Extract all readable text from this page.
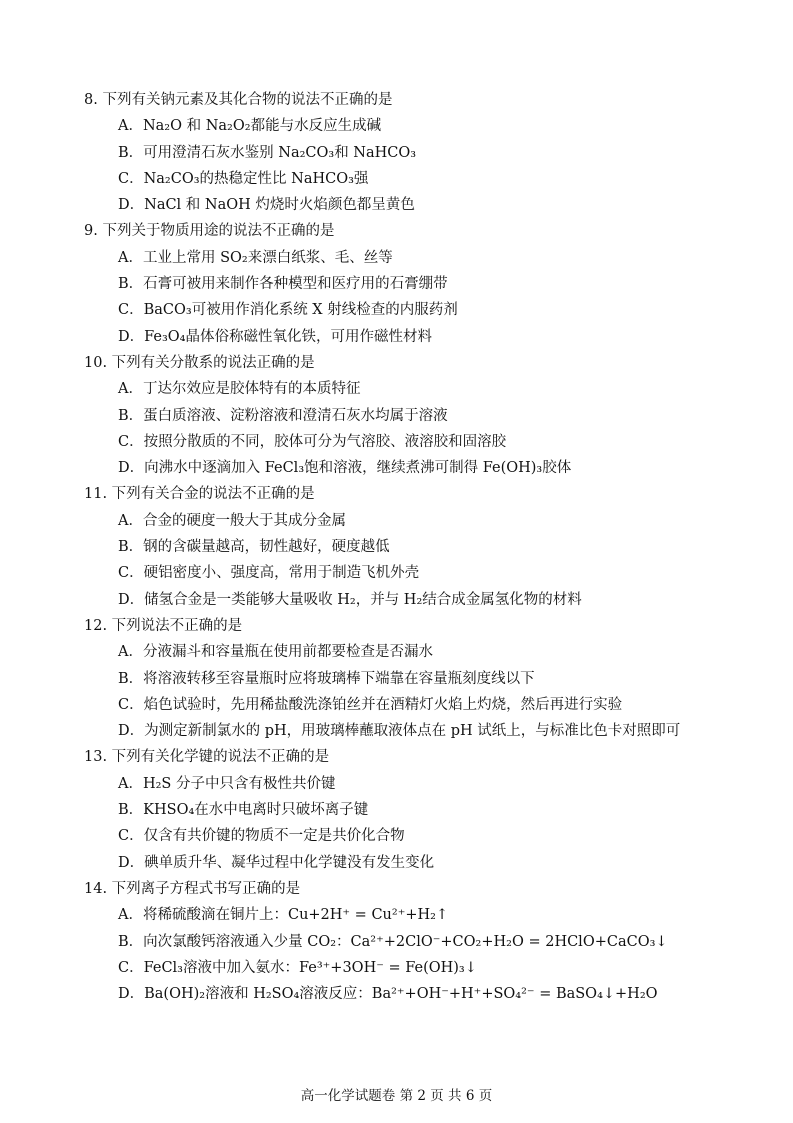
8. 下列有关钠元素及其化合物的说法不正确的是
A．Na₂O 和 Na₂O₂都能与水反应生成碱
B．可用澄清石灰水鉴别 Na₂CO₃和 NaHCO₃
C．Na₂CO₃的热稳定性比 NaHCO₃强
D．NaCl 和 NaOH 灼烧时火焰颜色都呈黄色
9. 下列关于物质用途的说法不正确的是
A．工业上常用 SO₂来漂白纸浆、毛、丝等
B．石膏可被用来制作各种模型和医疗用的石膏绷带
C．BaCO₃可被用作消化系统 X 射线检查的内服药剂
D．Fe₃O₄晶体俗称磁性氧化铁，可用作磁性材料
10. 下列有关分散系的说法正确的是
A．丁达尔效应是胶体特有的本质特征
B．蛋白质溶液、淀粉溶液和澄清石灰水均属于溶液
C．按照分散质的不同，胶体可分为气溶胶、液溶胶和固溶胶
D．向沸水中逐滴加入 FeCl₃饱和溶液，继续煮沸可制得 Fe(OH)₃胶体
11. 下列有关合金的说法不正确的是
A．合金的硬度一般大于其成分金属
B．钢的含碳量越高，韧性越好，硬度越低
C．硬铝密度小、强度高，常用于制造飞机外壳
D．储氢合金是一类能够大量吸收 H₂，并与 H₂结合成金属氢化物的材料
12. 下列说法不正确的是
A．分液漏斗和容量瓶在使用前都要检查是否漏水
B．将溶液转移至容量瓶时应将玻璃棒下端靠在容量瓶刻度线以下
C．焰色试验时，先用稀盐酸洗涤铂丝并在酒精灯火焰上灼烧，然后再进行实验
D．为测定新制氯水的 pH，用玻璃棒蘸取液体点在 pH 试纸上，与标准比色卡对照即可
13. 下列有关化学键的说法不正确的是
A．H₂S 分子中只含有极性共价键
B．KHSO₄在水中电离时只破坏离子键
C．仅含有共价键的物质不一定是共价化合物
D．碘单质升华、凝华过程中化学键没有发生变化
14. 下列离子方程式书写正确的是
A．将稀硫酸滴在铜片上：Cu+2H⁺ = Cu²⁺+H₂↑
B．向次氯酸钙溶液通入少量 CO₂：Ca²⁺+2ClO⁻+CO₂+H₂O = 2HClO+CaCO₃↓
C．FeCl₃溶液中加入氨水：Fe³⁺+3OH⁻ = Fe(OH)₃↓
D．Ba(OH)₂溶液和 H₂SO₄溶液反应：Ba²⁺+OH⁻+H⁺+SO₄²⁻ = BaSO₄↓+H₂O
高一化学试题卷 第 2 页 共 6 页
